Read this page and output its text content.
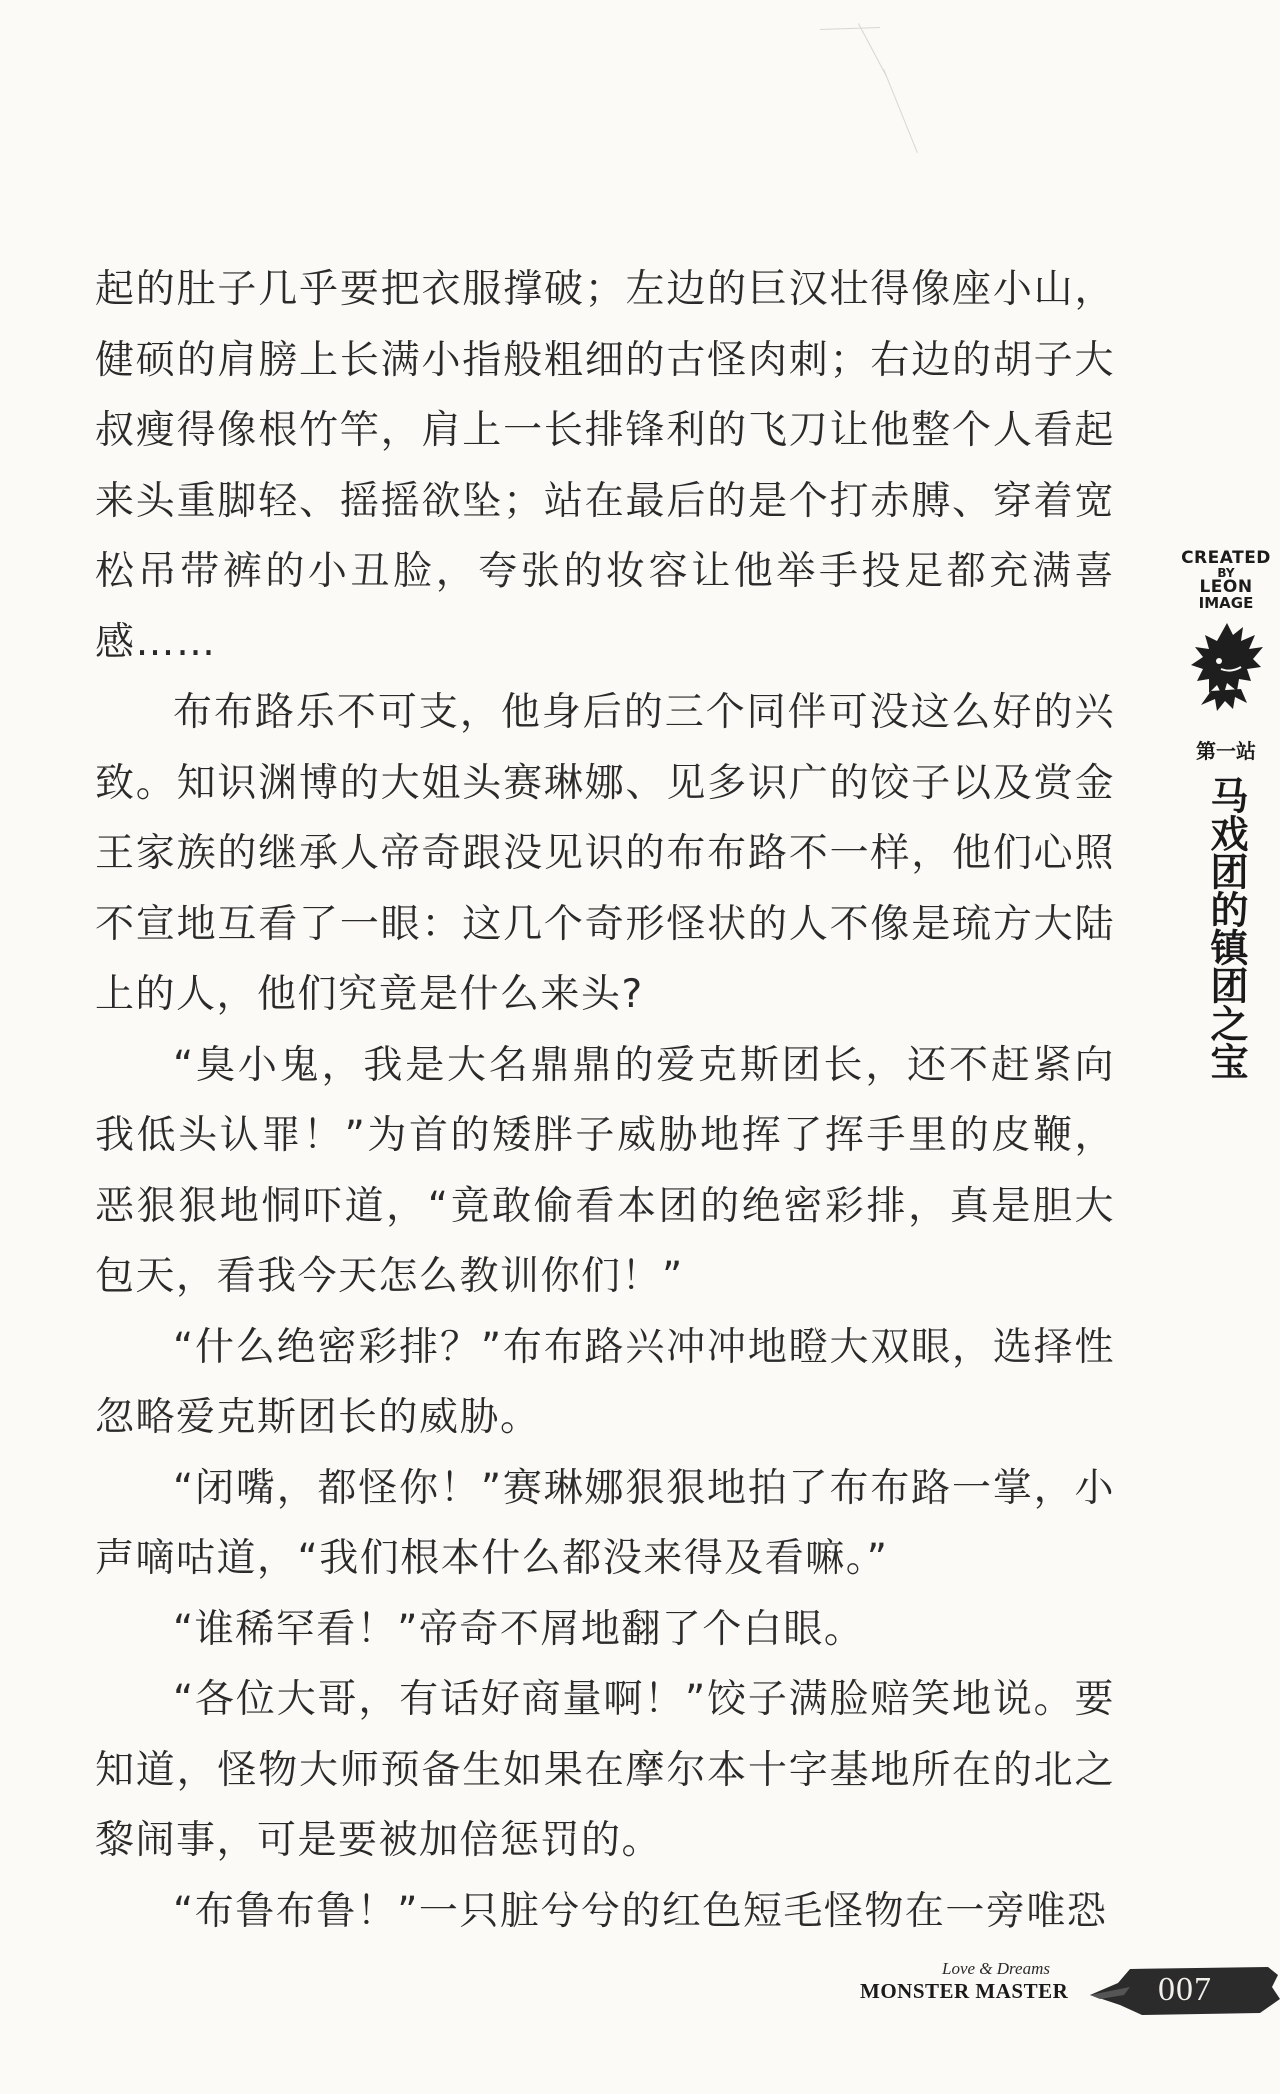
起的肚子几乎要把衣服撑破；左边的巨汉壮得像座小山，健硕的肩膀上长满小指般粗细的古怪肉刺；右边的胡子大叔瘦得像根竹竿，肩上一长排锋利的飞刀让他整个人看起来头重脚轻、摇摇欲坠；站在最后的是个打赤膊、穿着宽松吊带裤的小丑脸，夸张的妆容让他举手投足都充满喜感……

布布路乐不可支，他身后的三个同伴可没这么好的兴致。知识渊博的大姐头赛琳娜、见多识广的饺子以及赏金王家族的继承人帝奇跟没见识的布布路不一样，他们心照不宣地互看了一眼：这几个奇形怪状的人不像是琉方大陆上的人，他们究竟是什么来头?

“臭小鬼，我是大名鼎鼎的爱克斯团长，还不赶紧向我低头认罪！”为首的矮胖子威胁地挥了挥手里的皮鞭，恶狠狠地恫吓道，“竟敢偷看本团的绝密彩排，真是胆大包天，看我今天怎么教训你们！”

“什么绝密彩排？”布布路兴冲冲地瞪大双眼，选择性忽略爱克斯团长的威胁。

“闭嘴，都怪你！”赛琳娜狠狠地拍了布布路一掌，小声嘀咕道，“我们根本什么都没来得及看嘛。”

“谁稀罕看！”帝奇不屑地翻了个白眼。

“各位大哥，有话好商量啊！”饺子满脸赔笑地说。要知道，怪物大师预备生如果在摩尔本十字基地所在的北之黎闹事，可是要被加倍惩罚的。

“布鲁布鲁！”一只脏兮兮的红色短毛怪物在一旁唯恐

CREATED
BY
LEON
IMAGE
第一站
马戏团的镇团之宝
Love & Dreams
MONSTER MASTER	007
